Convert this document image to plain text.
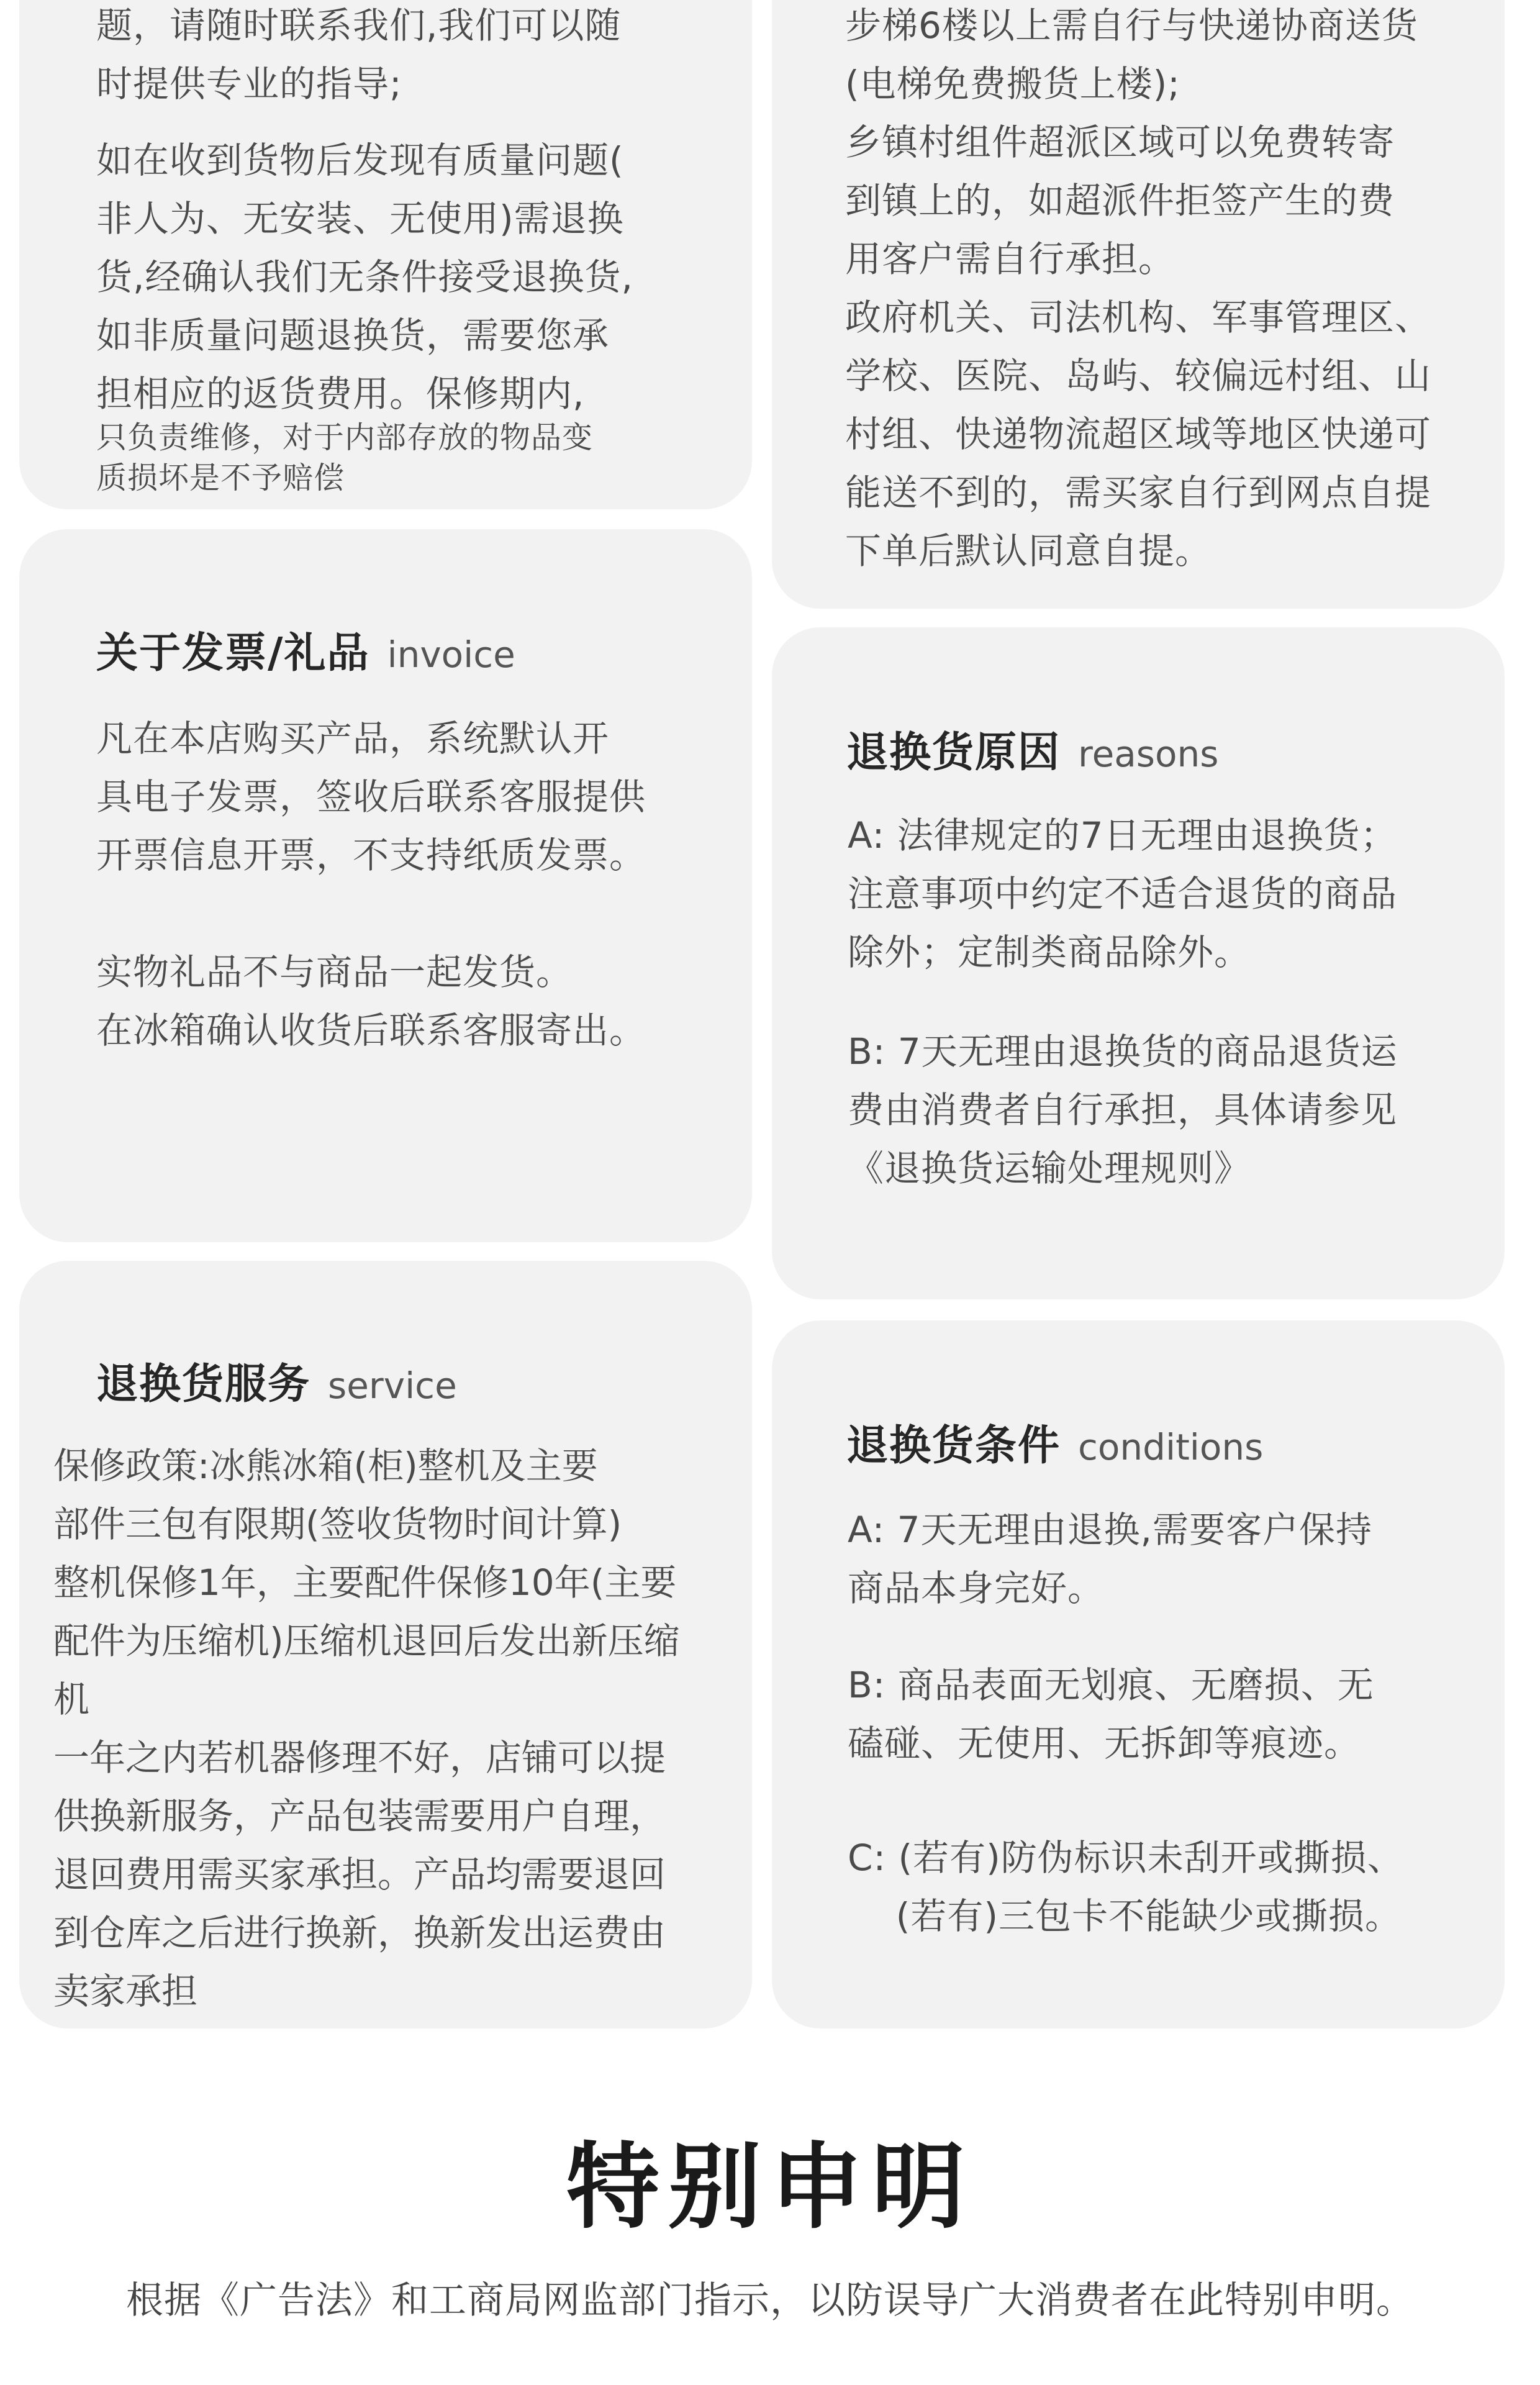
题，请随时联系我们,我们可以随
时提供专业的指导;
如在收到货物后发现有质量问题(
非人为、无安装、无使用)需退换
货,经确认我们无条件接受退换货,
如非质量问题退换货，需要您承
担相应的返货费用。保修期内,
只负责维修，对于内部存放的物品变
质损坏是不予赔偿
步梯6楼以上需自行与快递协商送货
(电梯免费搬货上楼);
乡镇村组件超派区域可以免费转寄
到镇上的，如超派件拒签产生的费
用客户需自行承担。
政府机关、司法机构、军事管理区、
学校、医院、岛屿、较偏远村组、山
村组、快递物流超区域等地区快递可
能送不到的，需买家自行到网点自提
下单后默认同意自提。
关于发票/礼品 invoice
凡在本店购买产品，系统默认开
具电子发票，签收后联系客服提供
开票信息开票，不支持纸质发票。
实物礼品不与商品一起发货。
在冰箱确认收货后联系客服寄出。
退换货原因 reasons
A: 法律规定的7日无理由退换货；
注意事项中约定不适合退货的商品
除外；定制类商品除外。
B: 7天无理由退换货的商品退货运
费由消费者自行承担，具体请参见
《退换货运输处理规则》
退换货服务 service
保修政策:冰熊冰箱(柜)整机及主要
部件三包有限期(签收货物时间计算)
整机保修1年，主要配件保修10年(主要
配件为压缩机)压缩机退回后发出新压缩
机
一年之内若机器修理不好，店铺可以提
供换新服务，产品包装需要用户自理，
退回费用需买家承担。产品均需要退回
到仓库之后进行换新，换新发出运费由
卖家承担
退换货条件 conditions
A: 7天无理由退换,需要客户保持
商品本身完好。
B: 商品表面无划痕、无磨损、无
磕碰、无使用、无拆卸等痕迹。
C: (若有)防伪标识未刮开或撕损、
(若有)三包卡不能缺少或撕损。
特别申明
根据《广告法》和工商局网监部门指示，以防误导广大消费者在此特别申明。
